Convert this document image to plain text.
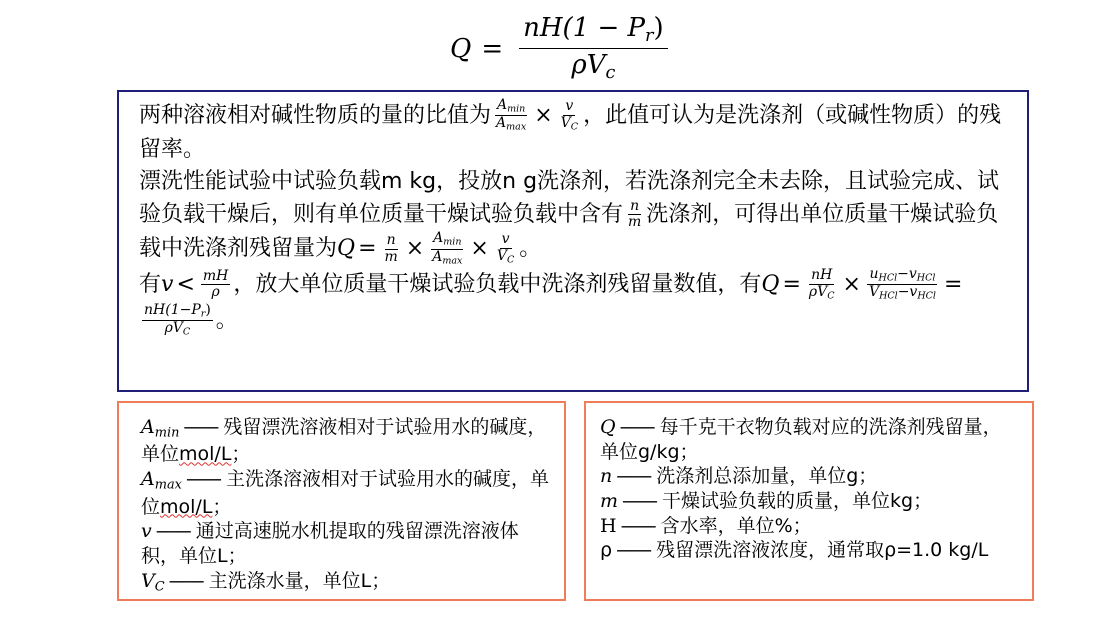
$Q = \frac{nH(1 - P_r)}{\rho V_c}$

两种溶液相对碱性物质的量的比值为 $A_{min}$
$A_{max} \times \frac{v}{V_C}$ ，此值可认为是洗涤剂（或碱性物质）的残留率。

漂洗性能试验中试验负载m kg，投放n g洗涤剂，若洗涤剂完全未去除，且试验完成、试验负载干燥后，则有单位质量干燥试验负载中含有 $\frac{n}{m}$ 洗涤剂，可得出单位质量干燥试验负载中洗涤剂残留量为$Q = \frac{n}{m} \times A_{min}$
$A_{max} \times \frac{v}{V_C}$ 。

有$v < \frac{mH}{\rho}$ ，放大单位质量干燥试验负载中洗涤剂残留量数值，有Q = nH
$\rho V_C \times u_{HCl}-v_{HCl}$
$V_{HCl}-v_{HCl}$ =
$nH(1-P_r)$
$\rho V_C$ 。

$A_{min}$ —— 残留漂洗溶液相对于试验用水的碱度，单位mol/L；

$A_{max}$ —— 主洗涤溶液相对于试验用水的碱度，单位mol/L；

v —— 通过高速脱水机提取的残留漂洗溶液体积，单位L；

$V_C$ —— 主洗涤水量，单位L；

Q —— 每千克干衣物负载对应的洗涤剂残留量，单位g/kg；

n —— 洗涤剂总添加量，单位g；

m —— 干燥试验负载的质量，单位kg；

H —— 含水率，单位%；

ρ —— 残留漂洗溶液浓度，通常取ρ=1.0 kg/L
